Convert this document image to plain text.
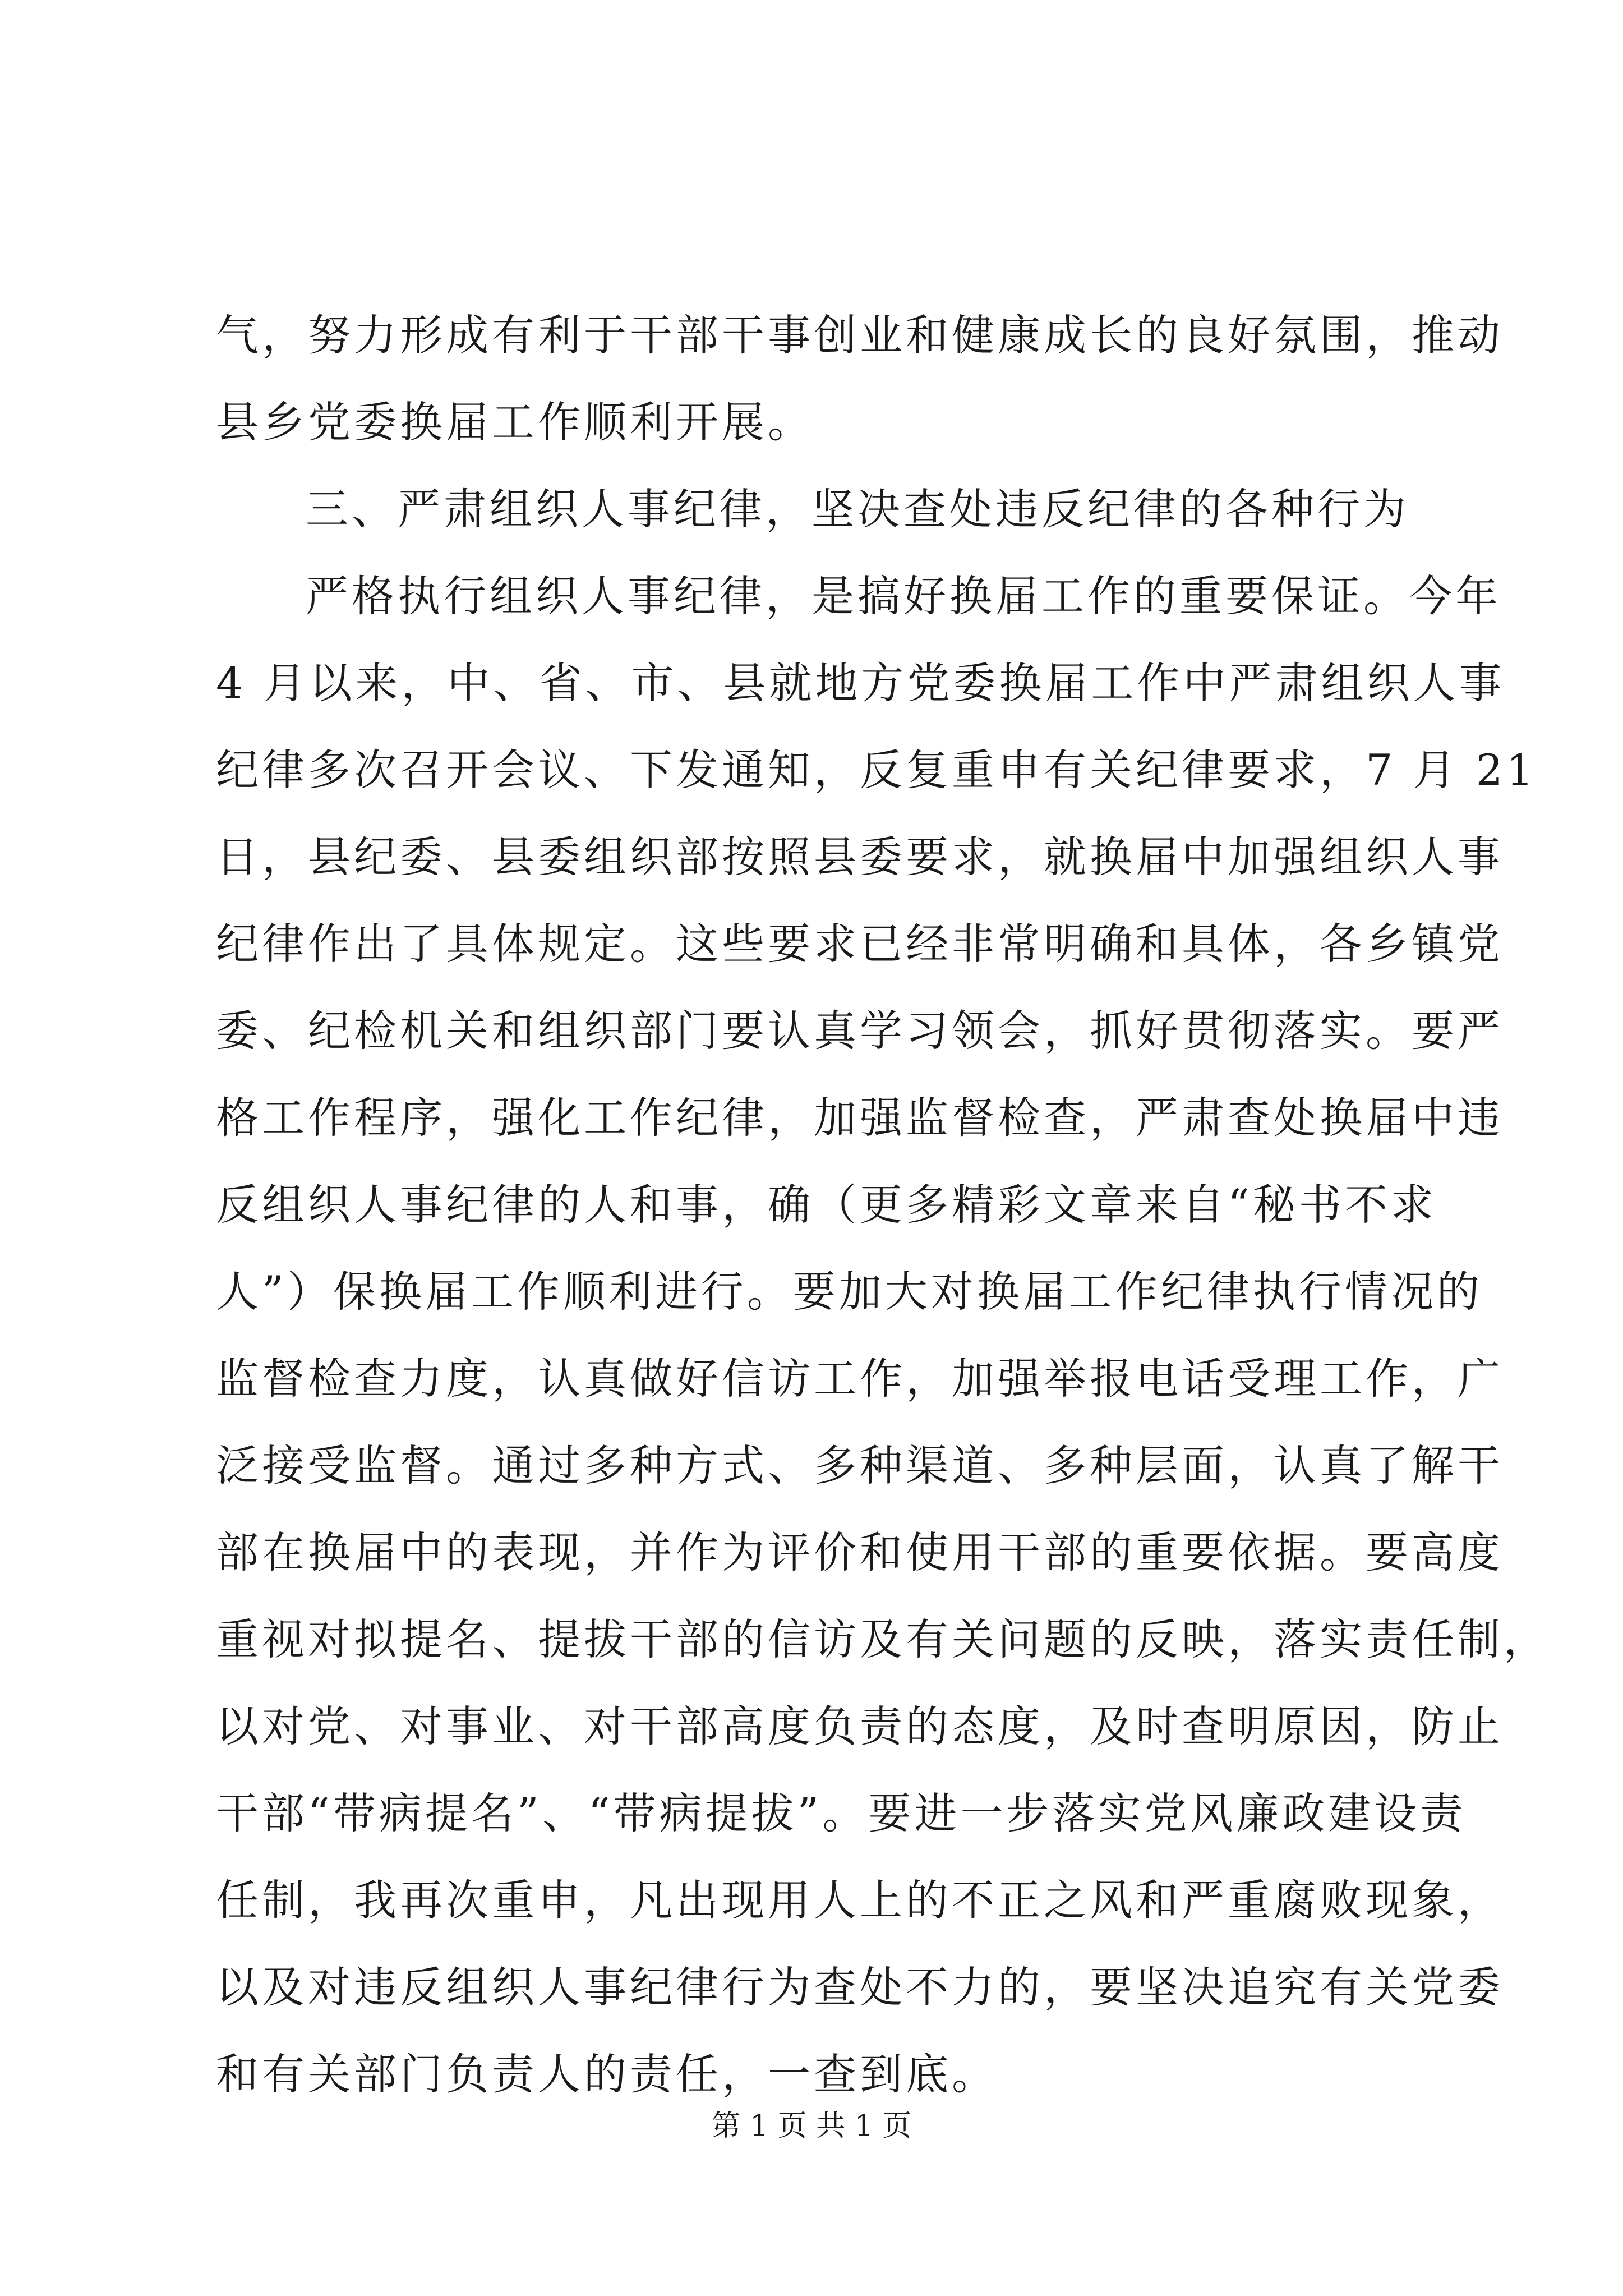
气，努力形成有利于干部干事创业和健康成长的良好氛围，推动
县乡党委换届工作顺利开展。
三、严肃组织人事纪律，坚决查处违反纪律的各种行为
严格执行组织人事纪律，是搞好换届工作的重要保证。今年
4 月以来，中、省、市、县就地方党委换届工作中严肃组织人事
纪律多次召开会议、下发通知，反复重申有关纪律要求，7 月 21
日，县纪委、县委组织部按照县委要求，就换届中加强组织人事
纪律作出了具体规定。这些要求已经非常明确和具体，各乡镇党
委、纪检机关和组织部门要认真学习领会，抓好贯彻落实。要严
格工作程序，强化工作纪律，加强监督检查，严肃查处换届中违
反组织人事纪律的人和事，确（更多精彩文章来自“秘书不求
人”）保换届工作顺利进行。要加大对换届工作纪律执行情况的
监督检查力度，认真做好信访工作，加强举报电话受理工作，广
泛接受监督。通过多种方式、多种渠道、多种层面，认真了解干
部在换届中的表现，并作为评价和使用干部的重要依据。要高度
重视对拟提名、提拔干部的信访及有关问题的反映，落实责任制，
以对党、对事业、对干部高度负责的态度，及时查明原因，防止
干部“带病提名”、“带病提拔”。要进一步落实党风廉政建设责
任制，我再次重申，凡出现用人上的不正之风和严重腐败现象，
以及对违反组织人事纪律行为查处不力的，要坚决追究有关党委
和有关部门负责人的责任，一查到底。
第 1 页 共 1 页
